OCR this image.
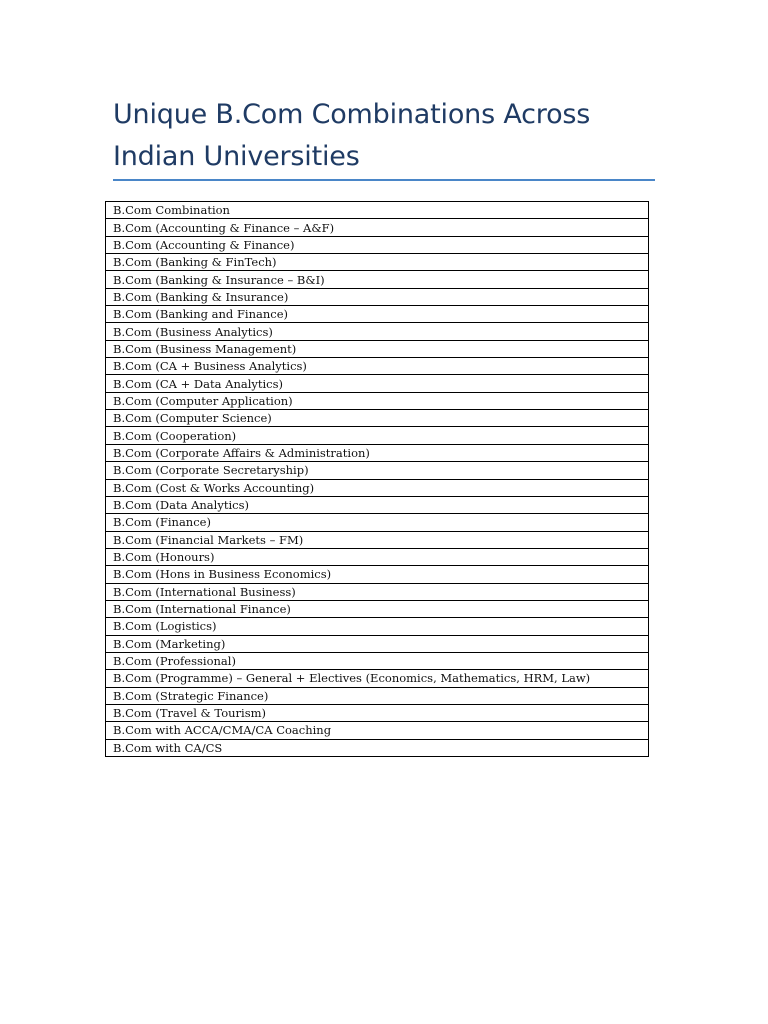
Unique B.Com Combinations Across Indian Universities
B.Com Combination
B.Com (Accounting & Finance – A&F)
B.Com (Accounting & Finance)
B.Com (Banking & FinTech)
B.Com (Banking & Insurance – B&I)
B.Com (Banking & Insurance)
B.Com (Banking and Finance)
B.Com (Business Analytics)
B.Com (Business Management)
B.Com (CA + Business Analytics)
B.Com (CA + Data Analytics)
B.Com (Computer Application)
B.Com (Computer Science)
B.Com (Cooperation)
B.Com (Corporate Affairs & Administration)
B.Com (Corporate Secretaryship)
B.Com (Cost & Works Accounting)
B.Com (Data Analytics)
B.Com (Finance)
B.Com (Financial Markets – FM)
B.Com (Honours)
B.Com (Hons in Business Economics)
B.Com (International Business)
B.Com (International Finance)
B.Com (Logistics)
B.Com (Marketing)
B.Com (Professional)
B.Com (Programme) – General + Electives (Economics, Mathematics, HRM, Law)
B.Com (Strategic Finance)
B.Com (Travel & Tourism)
B.Com with ACCA/CMA/CA Coaching
B.Com with CA/CS
